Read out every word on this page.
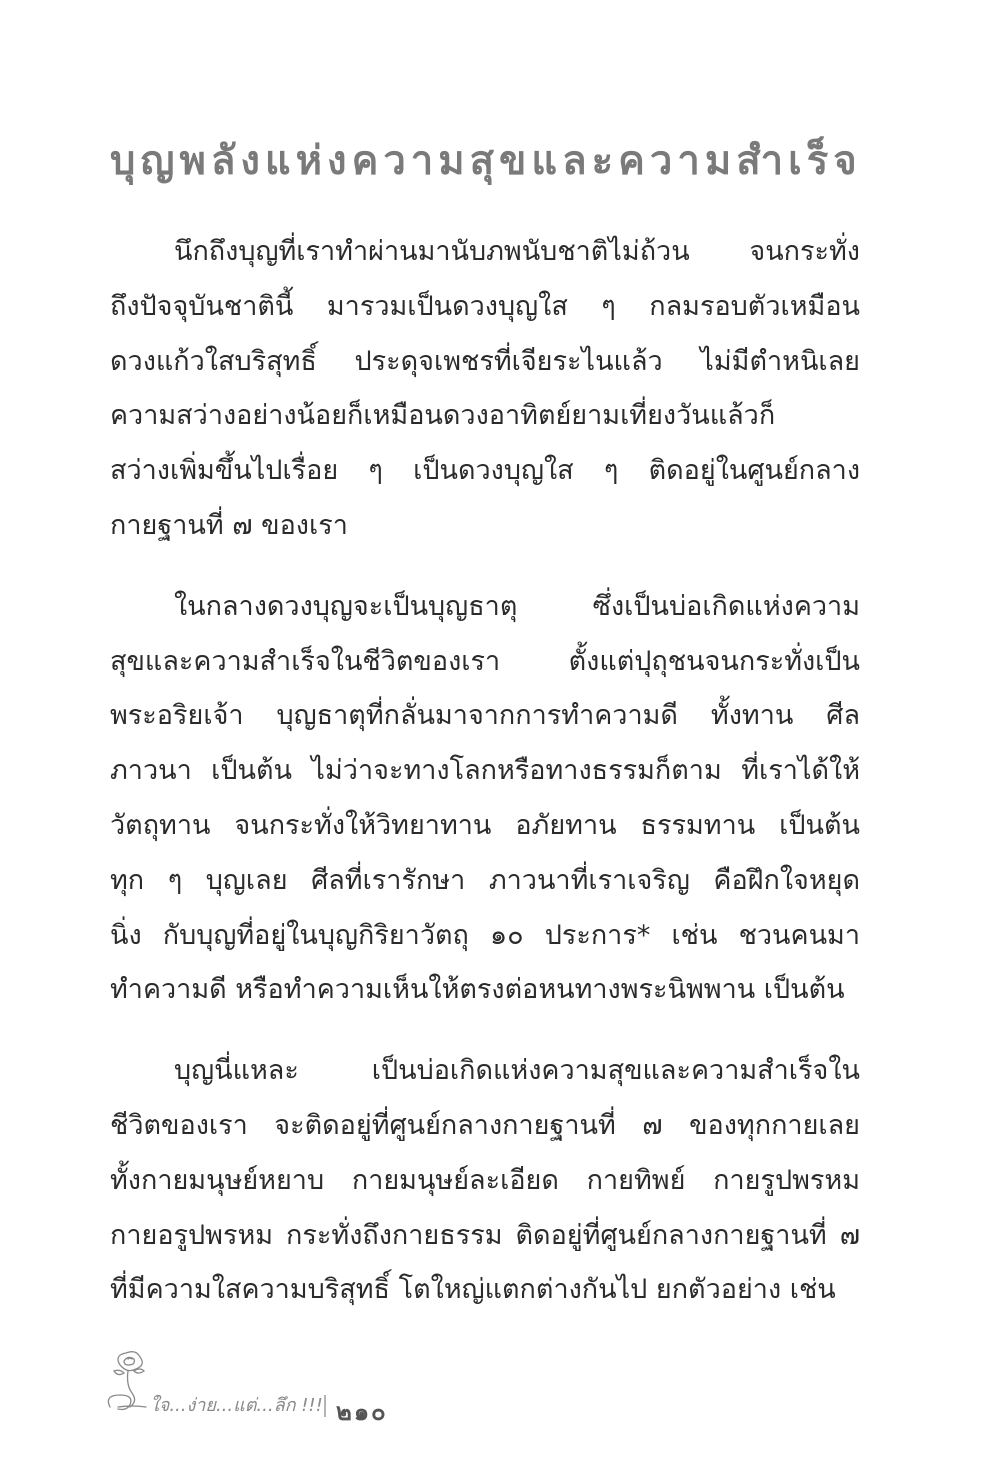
บุญพลังแห่งความสุขและความสำเร็จ
นึกถึงบุญที่เราทำผ่านมานับภพนับชาติไม่ถ้วน จนกระทั่ง
ถึงปัจจุบันชาตินี้ มารวมเป็นดวงบุญใส ๆ กลมรอบตัวเหมือน
ดวงแก้วใสบริสุทธิ์ ประดุจเพชรที่เจียระไนแล้ว ไม่มีตำหนิเลย
ความสว่างอย่างน้อยก็เหมือนดวงอาทิตย์ยามเที่ยงวันแล้วก็
สว่างเพิ่มขึ้นไปเรื่อย ๆ เป็นดวงบุญใส ๆ ติดอยู่ในศูนย์กลาง
กายฐานที่ ๗ ของเรา
ในกลางดวงบุญจะเป็นบุญธาตุ ซึ่งเป็นบ่อเกิดแห่งความ
สุขและความสำเร็จในชีวิตของเรา ตั้งแต่ปุถุชนจนกระทั่งเป็น
พระอริยเจ้า บุญธาตุที่กลั่นมาจากการทำความดี ทั้งทาน ศีล
ภาวนา เป็นต้น ไม่ว่าจะทางโลกหรือทางธรรมก็ตาม ที่เราได้ให้
วัตถุทาน จนกระทั่งให้วิทยาทาน อภัยทาน ธรรมทาน เป็นต้น
ทุก ๆ บุญเลย ศีลที่เรารักษา ภาวนาที่เราเจริญ คือฝึกใจหยุด
นิ่ง กับบุญที่อยู่ในบุญกิริยาวัตถุ ๑๐ ประการ* เช่น ชวนคนมา
ทำความดี หรือทำความเห็นให้ตรงต่อหนทางพระนิพพาน เป็นต้น
บุญนี่แหละ เป็นบ่อเกิดแห่งความสุขและความสำเร็จใน
ชีวิตของเรา จะติดอยู่ที่ศูนย์กลางกายฐานที่ ๗ ของทุกกายเลย
ทั้งกายมนุษย์หยาบ กายมนุษย์ละเอียด กายทิพย์ กายรูปพรหม
กายอรูปพรหม กระทั่งถึงกายธรรม ติดอยู่ที่ศูนย์กลางกายฐานที่ ๗
ที่มีความใสความบริสุทธิ์ โตใหญ่แตกต่างกันไป ยกตัวอย่าง เช่น
ใจ...ง่าย...แต่...ลึก !!! ๒๑๐
